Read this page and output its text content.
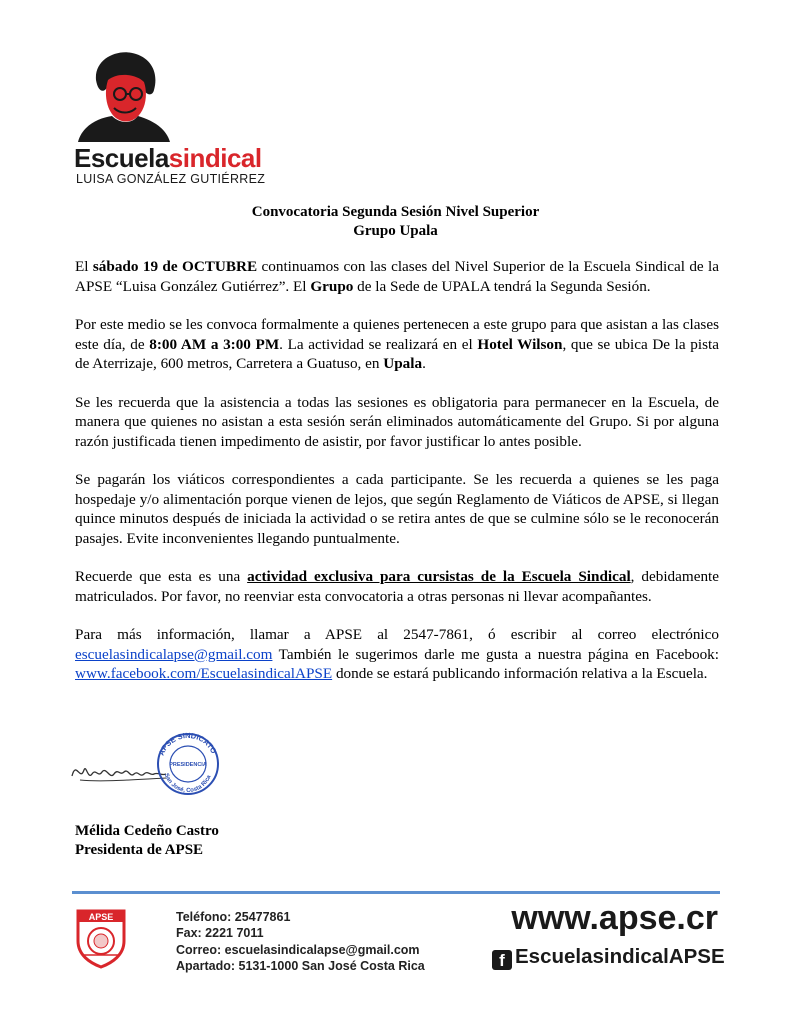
Escuelasindical
LUISA GONZÁLEZ GUTIÉRREZ
Convocatoria Segunda Sesión Nivel Superior
Grupo Upala

El sábado 19 de OCTUBRE continuamos con las clases del Nivel Superior de la Escuela Sindical de la APSE “Luisa González Gutiérrez”. El Grupo de la Sede de UPALA tendrá la Segunda Sesión.

Por este medio se les convoca formalmente a quienes pertenecen a este grupo para que asistan a las clases este día, de 8:00 AM a 3:00 PM. La actividad se realizará en el Hotel Wilson, que se ubica De la pista de Aterrizaje, 600 metros, Carretera a Guatuso, en Upala.

Se les recuerda que la asistencia a todas las sesiones es obligatoria para permanecer en la Escuela, de manera que quienes no asistan a esta sesión serán eliminados automáticamente del Grupo. Si por alguna razón justificada tienen impedimento de asistir, por favor justificar lo antes posible.

Se pagarán los viáticos correspondientes a cada participante. Se les recuerda a quienes se les paga hospedaje y/o alimentación porque vienen de lejos, que según Reglamento de Viáticos de APSE, si llegan quince minutos después de iniciada la actividad o se retira antes de que se culmine sólo se le reconocerán pasajes. Evite inconvenientes llegando puntualmente.

Recuerde que esta es una actividad exclusiva para cursistas de la Escuela Sindical, debidamente matriculados. Por favor, no reenviar esta convocatoria a otras personas ni llevar acompañantes.

Para más información, llamar a APSE al 2547-7861, ó escribir al correo electrónico escuelasindicalapse@gmail.com También le sugerimos darle me gusta a nuestra página en Facebook: www.facebook.com/EscuelasindicalAPSE donde se estará publicando información relativa a la Escuela.

APSE SINDICATO
San José, Costa Rica
PRESIDENCIA
Mélida Cedeño Castro
Presidenta de APSE
APSE	Teléfono: 25477861
Fax: 2221 7011
Correo: escuelasindicalapse@gmail.com
Apartado: 5131-1000 San José Costa Rica
www.apse.cr
f EscuelasindicalAPSE
